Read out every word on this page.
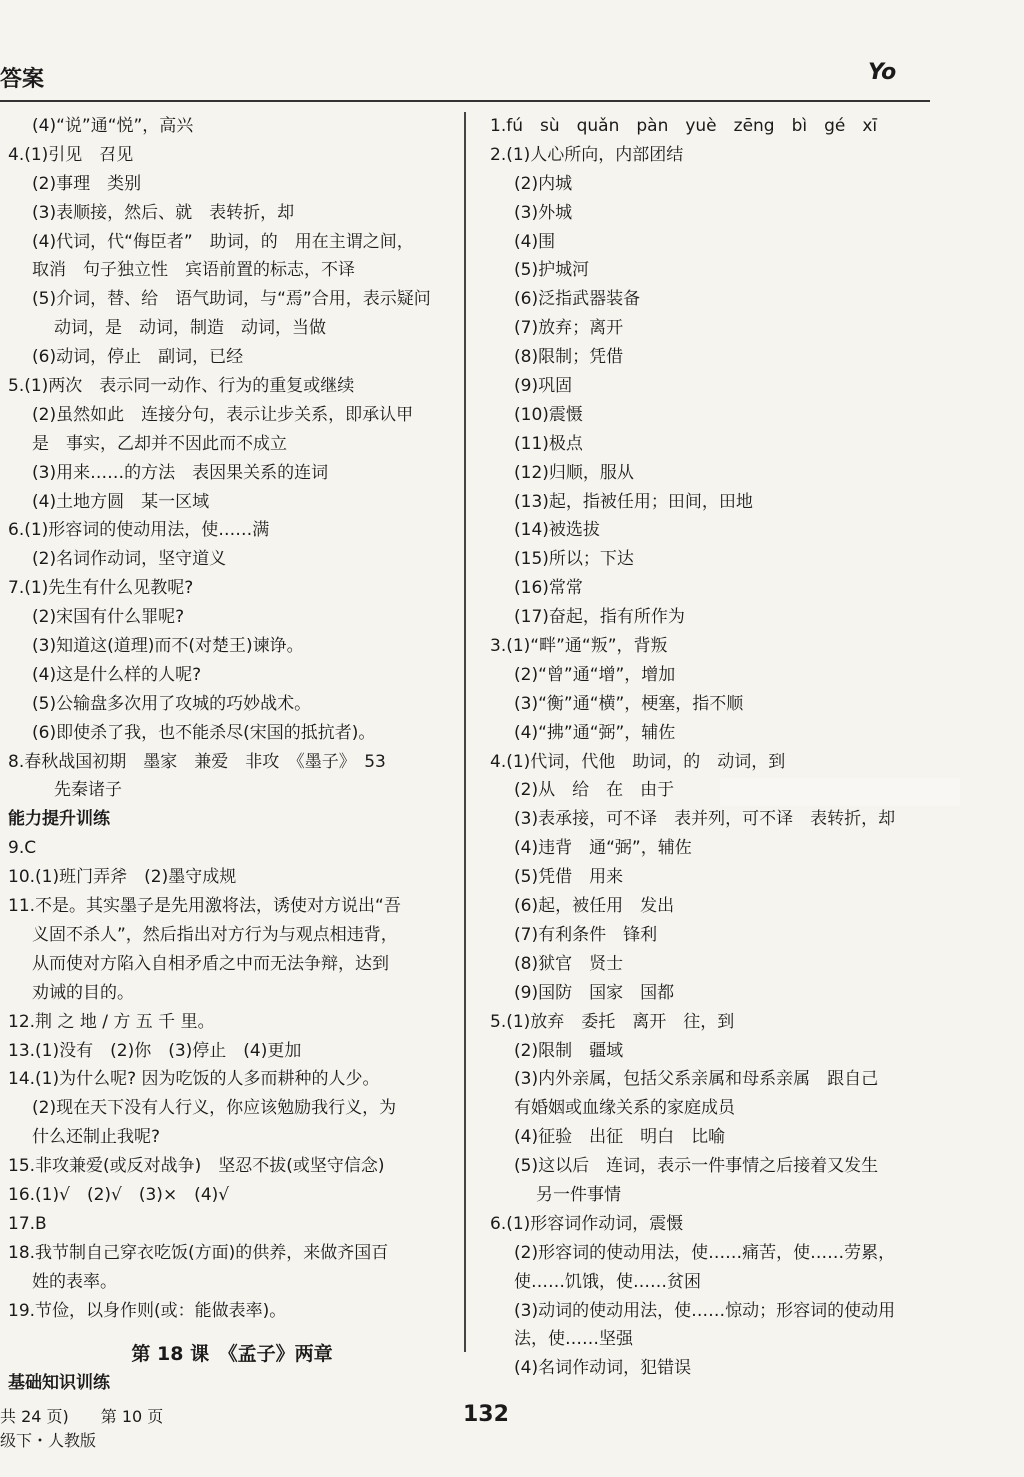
答案	Yo
(4)“说”通“悦”，高兴
4.(1)引见　召见
(2)事理　类别
(3)表顺接，然后、就　表转折，却
(4)代词，代“侮臣者”　助词，的　用在主谓之间，
取消　句子独立性　宾语前置的标志，不译
(5)介词，替、给　语气助词，与“焉”合用，表示疑问
动词，是　动词，制造　动词，当做
(6)动词，停止　副词，已经
5.(1)两次　表示同一动作、行为的重复或继续
(2)虽然如此　连接分句，表示让步关系，即承认甲
是　事实，乙却并不因此而不成立
(3)用来……的方法　表因果关系的连词
(4)土地方圆　某一区域
6.(1)形容词的使动用法，使……满
(2)名词作动词，坚守道义
7.(1)先生有什么见教呢?
(2)宋国有什么罪呢?
(3)知道这(道理)而不(对楚王)谏诤。
(4)这是什么样的人呢?
(5)公输盘多次用了攻城的巧妙战术。
(6)即使杀了我，也不能杀尽(宋国的抵抗者)。
8.春秋战国初期　墨家　兼爱　非攻　《墨子》　53
先秦诸子
能力提升训练
9.C
10.(1)班门弄斧　(2)墨守成规
11.不是。其实墨子是先用激将法，诱使对方说出“吾
义固不杀人”，然后指出对方行为与观点相违背，
从而使对方陷入自相矛盾之中而无法争辩，达到
劝诫的目的。
12.荆 之 地 / 方 五 千 里。
13.(1)没有　(2)你　(3)停止　(4)更加
14.(1)为什么呢? 因为吃饭的人多而耕种的人少。
(2)现在天下没有人行义，你应该勉励我行义，为
什么还制止我呢?
15.非攻兼爱(或反对战争)　坚忍不拔(或坚守信念)
16.(1)√　(2)√　(3)×　(4)√
17.B
18.我节制自己穿衣吃饭(方面)的供养，来做齐国百
姓的表率。
19.节俭，以身作则(或：能做表率)。
第 18 课　《孟子》两章
基础知识训练
1.fú　sù　quǎn　pàn　yuè　zēng　bì　gé　xī
2.(1)人心所向，内部团结
(2)内城
(3)外城
(4)围
(5)护城河
(6)泛指武器装备
(7)放弃；离开
(8)限制；凭借
(9)巩固
(10)震慑
(11)极点
(12)归顺，服从
(13)起，指被任用；田间，田地
(14)被选拔
(15)所以；下达
(16)常常
(17)奋起，指有所作为
3.(1)“畔”通“叛”，背叛
(2)“曾”通“增”，增加
(3)“衡”通“横”，梗塞，指不顺
(4)“拂”通“弼”，辅佐
4.(1)代词，代他　助词，的　动词，到
(2)从　给　在　由于
(3)表承接，可不译　表并列，可不译　表转折，却
(4)违背　通“弼”，辅佐
(5)凭借　用来
(6)起，被任用　发出
(7)有利条件　锋利
(8)狱官　贤士
(9)国防　国家　国都
5.(1)放弃　委托　离开　往，到
(2)限制　疆域
(3)内外亲属，包括父系亲属和母系亲属　跟自己
有婚姻或血缘关系的家庭成员
(4)征验　出征　明白　比喻
(5)这以后　连词，表示一件事情之后接着又发生
另一件事情
6.(1)形容词作动词，震慑
(2)形容词的使动用法，使……痛苦，使……劳累，
使……饥饿，使……贫困
(3)动词的使动用法，使……惊动；形容词的使动用
法，使……坚强
(4)名词作动词，犯错误
共 24 页)　　第 10 页
级下・人教版
132
